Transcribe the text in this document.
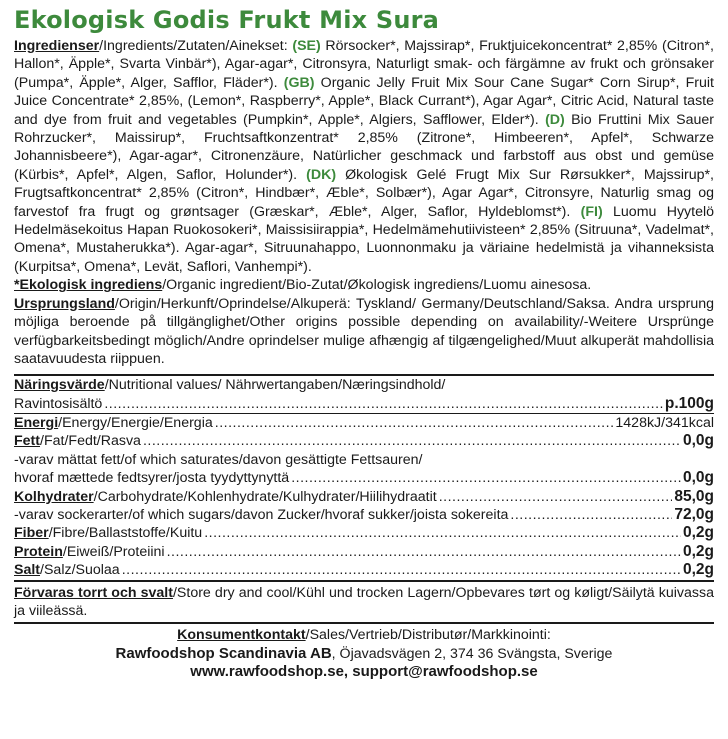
Ekologisk Godis Frukt Mix Sura

Ingredienser/Ingredients/Zutaten/Ainekset: (SE) Rörsocker*, Majssirap*, Fruktjuicekoncentrat* 2,85% (Citron*, Hallon*, Äpple*, Svarta Vinbär*), Agar-agar*, Citronsyra, Naturligt smak- och färgämne av frukt och grönsaker (Pumpa*, Äpple*, Alger, Safflor, Fläder*). (GB) Organic Jelly Fruit Mix Sour Cane Sugar* Corn Sirup*, Fruit Juice Concentrate* 2,85%, (Lemon*, Raspberry*, Apple*, Black Currant*), Agar Agar*, Citric Acid, Natural taste and dye from fruit and vegetables (Pumpkin*, Apple*, Algiers, Safflower, Elder*). (D) Bio Fruttini Mix Sauer Rohrzucker*, Maissirup*, Fruchtsaftkonzentrat* 2,85% (Zitrone*, Himbeeren*, Apfel*, Schwarze Johannisbeere*), Agar-agar*, Citronenzäure, Natürlicher geschmack und farbstoff aus obst und gemüse (Kürbis*, Apfel*, Algen, Saflor, Holunder*). (DK) Økologisk Gelé Frugt Mix Sur Rørsukker*, Majssirup*, Frugtsaftkoncentrat* 2,85% (Citron*, Hindbær*, Æble*, Solbær*), Agar Agar*, Citronsyre, Naturlig smag og farvestof fra frugt og grøntsager (Græskar*, Æble*, Alger, Saflor, Hyldeblomst*). (FI) Luomu Hyytelö Hedelmäsekoitus Hapan Ruokosokeri*, Maissisiirappia*, Hedelmämehutiivisteen* 2,85% (Sitruuna*, Vadelmat*, Omena*, Mustaherukka*). Agar-agar*, Sitruunahappo, Luonnonmaku ja väriaine hedelmistä ja vihanneksista (Kurpitsa*, Omena*, Levät, Saflori, Vanhempi*).

*Ekologisk ingrediens/Organic ingredient/Bio-Zutat/Økologisk ingrediens/Luomu ainesosa.

Ursprungsland/Origin/Herkunft/Oprindelse/Alkuperä: Tyskland/ Germany/Deutschland/Saksa. Andra ursprung möjliga beroende på tillgänglighet/Other origins possible depending on availability/-Weitere Ursprünge verfügbarkeitsbedingt möglich/Andre oprindelser mulige afhængig af tilgængelighed/Muut alkuperät mahdollisia saatavuudesta riippuen.

Näringsvärde/Nutritional values/ Nährwertangaben/Næringsindhold/
Ravintosisältö .....	p.100g
Energi/Energy/Energie/Energia .....	1428kJ/341kcal
Fett/Fat/Fedt/Rasva .....	0,0g
-varav mättat fett/of which saturates/davon gesättigte Fettsauren/
hvoraf mættede fedtsyrer/josta tyydyttynyttä .....	0,0g
Kolhydrater/Carbohydrate/Kohlenhydrate/Kulhydrater/Hiilihydraatit .....	85,0g
-varav sockerarter/of which sugars/davon Zucker/hvoraf sukker/joista sokereita .....	72,0g
Fiber/Fibre/Ballaststoffe/Kuitu .....	0,2g
Protein/Eiweiß/Proteiini .....	0,2g
Salt/Salz/Suolaa .....	0,2g

Förvaras torrt och svalt/Store dry and cool/Kühl und trocken Lagern/Opbevares tørt og køligt/Säilytä kuivassa ja viileässä.

Konsumentkontakt/Sales/Vertrieb/Distributør/Markkinointi:
Rawfoodshop Scandinavia AB, Öjavadsvägen 2, 374 36 Svängsta, Sverige
www.rawfoodshop.se, support@rawfoodshop.se
